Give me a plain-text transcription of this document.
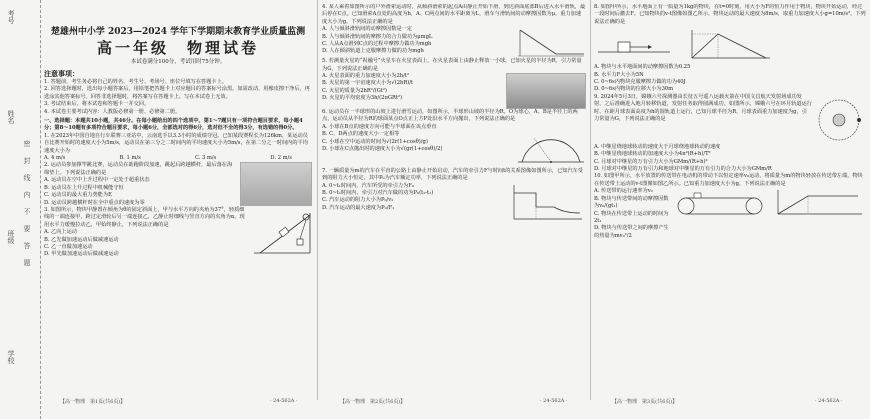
考号
姓名
班级
学校
密封线内不要答题
楚雄州中小学 2023—2024 学年下学期期末教育学业质量监测
高一年级　物理试卷
本试卷满分100分，考试用时75分钟。
注意事项：

1. 答题前，考生务必将自己的姓名、考生号、考场号、座位号填写在答题卡上。

2. 回答选择题时，选出每小题答案后，用铅笔把答题卡上对应题目的答案标号涂黑。如需改动，用橡皮擦干净后，再选涂其他答案标号。回答非选择题时，将答案写在答题卡上。写在本试卷上无效。

3. 考试结束后，将本试卷和答题卡一并交回。

4. 本试卷主要考试内容：人教版必修第一册、必修第二册。

一、选择题：本题共10小题，共46分。在每小题给出的四个选项中，第1～7题只有一项符合题目要求，每小题4分；第8～10题有多项符合题目要求，每小题6分，全部选对的得6分，选对但不全的得3分，有选错的得0分。

1. 在2023年中国自地自行车联赛三亚站中，云南选手以3.3小时的成绩夺冠。已知某段赛程长为126km，某运动员自比赛开始时的速度大小为5m/s，运动员在第三分之二时间内的平均速度大小为5m/s，在第二分之一时间内的平均速度大小为

A. 4 m/s	B. 1 m/s	C. 3 m/s	D. 2 m/s

2. 运动员参加撑竿跳比赛，运动员在助跑阶段加速，跳起后跨越横杆，最后落在海绵垫上。下列说法正确的是

A. 运动员在空中上升过程中一定处于超重状态

B. 运动员在上升过程中机械能守恒

C. 运动员的最大重力势能为E

D. 运动员跨越横杆时在全中重点的速度为零

3. 如图所示，物块甲静置在倾角为θ的固定斜面上，甲与水平方向的夹角为37°，轻质细线的一端连接甲，跨过定滑轮后另一端连接乙，乙静止时细线与竖直方向的夹角为α。现用水平力缓慢拉动乙，甲始终静止，下列说法正确的是

A. 乙向上运动

B. 乙先做加速运动后做减速运动

C. 乙一直做加速运动

D. 甲先做加速运动后做减速运动

【高一物理　第1页(共6页)】	· 24-562A ·

4. 某人乘着如图所示的户外滑索运动时，从倾斜滑索的起点A由静止开始下滑，到达斜面底部B后进入水平滑轨，最后停在C点。已知滑索A点处的高度为h，A、C两点间的水平距离为L，滑车与滑轨间的动摩擦因数为μ，重力加速度大小为g。下列说法正确的是

A. 人与倾斜滑轨间的动摩擦因数是一定

B. 人与倾斜滑轨间的摩擦力的合力做功为μmgL

C. 人从A点滑到C点的过程中摩擦力做功为mgh

D. 人在倾斜轨道上克服摩擦力做的功为mgh

5. 若测量火星的“祝融号”火星车在火星表面上，在火星表面上由静止释放一小球，已知火星的半径为R，引力常量为G，下列说法正确的是

A. 火星表面的重力加速度大小为2h/t²

B. 火星的第一宇宙速度大小为√(2hR)/t

C. 火星的质量为2hR²/(Gt²)

D. 火星的平均密度为3h/(2πGRt²)

6. 运动员在一半球形的山坡上进行滑雪运动，如图所示，半球形山坡的半径为R，O为球心，A、B是半径上的两点，运动员从半径为R的球面某点O点正上方P处沿水平方向抛出，下列说法正确的是

A. 小球在B点的速度方向可能与半球面在该点垂直

B. C、D两点的速度大小一定相等

C. 小球在空中运动的时间为√(2r(1+cosθ)/g)

D. 小球在C点抛出时的速度大小为√(gr(1+cosθ)/2)

7. 一辆质量为m的汽车在平直的公路上由静止开始启动，汽车的牵引力F与时间t的关系图像如图所示，已知汽车受到的阻力大小恒定，其中P₀为汽车额定功率，下列说法正确的是

A. 0~t₁时间内，汽车所受的牵引力为F₀

B. 0~t₁时间内，牵引力对汽车做的功为P₀(t₂-t₁)

C. 汽车运动的阻力大小为P₀/v₂

D. 汽车运动的最大速度为P₀/F₁

【高一物理　第2页(共6页)】	· 24-562A ·

8. 如图甲所示，水平地面上有一质量为1kg的物块，在t=0时刻，用大小为F的恒力作用于物块，物块开始运动，经过一段时间后撤去F。已知物块的v-t图像如图乙所示，物块运动的最大速度为8m/s，取重力加速度大小g=10m/s²。下列说法正确的是

A. 物块与水平地面间的动摩擦因数为0.25

B. 水平力F大小为5N

C. 0~6s内物块克服摩擦力做的功为40J

D. 0~6s内物块的位移大小为30m

9. 2024年5月3日，嫦娥六号探测器由长征五号遥八运载火箭在中国文昌航天发射场成功发射，之后准确进入地月转移轨道，发射任务取得圆满成功。如图所示，嫦娥六号在环月轨道运行时，在距月球表面高度为h的圆轨道上运行，已知月球半径为R，月球表面重力加速度为g，引力常量为G，下列说法正确的是

A. 中继星绕地球转动的速度大于月球绕地球转动的速度

B. 中继星绕地球转动的加速度大小为4π²(R+h)/T²

C. 月球对中继星的万有引力大小为GMm/(R+h)²

D. 月球对中继星的万有引力和地球对中继星的万有引力的合力大小为GMm/R

10. 如图甲所示，水平放置的传送带在电动机的带动下以恒定速率v₀运动，将质量为m的物块轻放在传送带左端，物块在传送带上运动的v-t图像如图乙所示。已知重力加速度大小为g，下列说法正确的是

A. 传送带的运行速率为v₀

B. 物块与传送带间的动摩擦因数为v₀/(gt₁)

C. 物块在传送带上运动的时间为2t₁

D. 物块与传送带之间的摩擦产生的热量为mv₀²/2

【高一物理　第3页(共6页)】	· 24-562A ·
